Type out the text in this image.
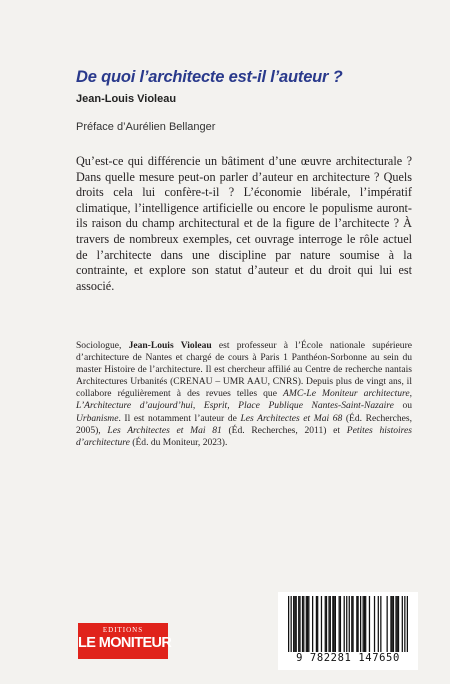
De quoi l’architecte est-il l’auteur ?
Jean-Louis Violeau
Préface d’Aurélien Bellanger
Qu’est-ce qui différencie un bâtiment d’une œuvre architecturale ? Dans quelle mesure peut-on parler d’auteur en architecture ? Quels droits cela lui confère-t-il ? L’économie libérale, l’impératif climatique, l’intelligence artificielle ou encore le populisme auront-ils raison du champ architectural et de la figure de l’architecte ? À travers de nombreux exemples, cet ouvrage interroge le rôle actuel de l’architecte dans une discipline par nature soumise à la contrainte, et explore son statut d’auteur et du droit qui lui est associé.
Sociologue, Jean-Louis Violeau est professeur à l’École nationale supérieure d’architecture de Nantes et chargé de cours à Paris 1 Panthéon-Sorbonne au sein du master Histoire de l’architecture. Il est chercheur affilié au Centre de recherche nantais Architectures Urbanités (CRENAU – UMR AAU, CNRS). Depuis plus de vingt ans, il collabore régulièrement à des revues telles que AMC-Le Moniteur architecture, L’Architecture d’aujourd’hui, Esprit, Place Publique Nantes-Saint-Nazaire ou Urbanisme. Il est notamment l’auteur de Les Architectes et Mai 68 (Éd. Recherches, 2005), Les Architectes et Mai 81 (Éd. Recherches, 2011) et Petites histoires d’architecture (Éd. du Moniteur, 2023).
EDITIONS
LE MONITEUR
9 782281 147650
